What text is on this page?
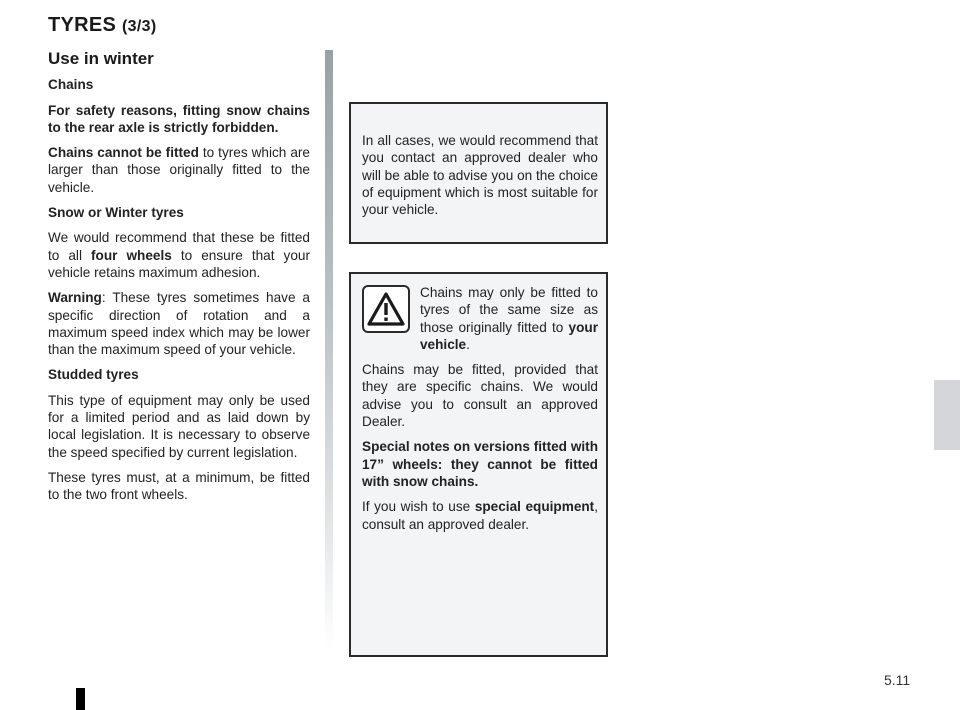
TYRES (3/3)
Use in winter
Chains

For safety reasons, fitting snow chains to the rear axle is strictly forbidden.

Chains cannot be fitted to tyres which are larger than those originally fitted to the vehicle.

Snow or Winter tyres

We would recommend that these be fitted to all four wheels to ensure that your vehicle retains maximum adhesion.

Warning: These tyres sometimes have a specific direction of rotation and a maximum speed index which may be lower than the maximum speed of your vehicle.

Studded tyres

This type of equipment may only be used for a limited period and as laid down by local legislation. It is necessary to observe the speed specified by current legislation.

These tyres must, at a minimum, be fitted to the two front wheels.

In all cases, we would recommend that you contact an approved dealer who will be able to advise you on the choice of equipment which is most suitable for your vehicle.

Chains may only be fitted to tyres of the same size as those originally fitted to your vehicle.

Chains may be fitted, provided that they are specific chains. We would advise you to consult an approved Dealer.

Special notes on versions fitted with 17” wheels: they cannot be fitted with snow chains.

If you wish to use special equipment, consult an approved dealer.

5.11
